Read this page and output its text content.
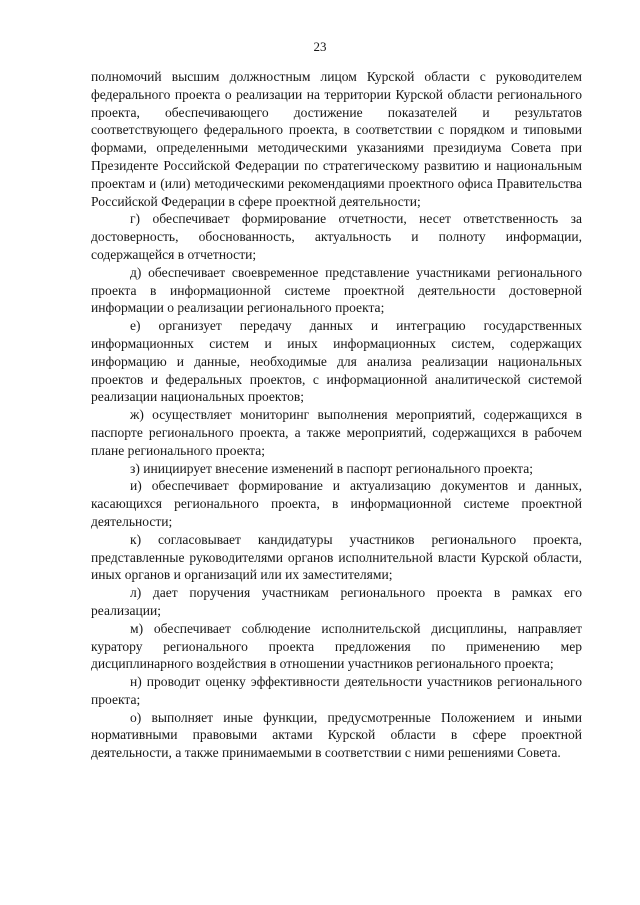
23

полномочий высшим должностным лицом Курской области с руководителем федерального проекта о реализации на территории Курской области регионального проекта, обеспечивающего достижение показателей и результатов соответствующего федерального проекта, в соответствии с порядком и типовыми формами, определенными методическими указаниями президиума Совета при Президенте Российской Федерации по стратегическому развитию и национальным проектам и (или) методическими рекомендациями проектного офиса Правительства Российской Федерации в сфере проектной деятельности;

г) обеспечивает формирование отчетности, несет ответственность за достоверность, обоснованность, актуальность и полноту информации, содержащейся в отчетности;

д) обеспечивает своевременное представление участниками регионального проекта в информационной системе проектной деятельности достоверной информации о реализации регионального проекта;

е) организует передачу данных и интеграцию государственных информационных систем и иных информационных систем, содержащих информацию и данные, необходимые для анализа реализации национальных проектов и федеральных проектов, с информационной аналитической системой реализации национальных проектов;

ж) осуществляет мониторинг выполнения мероприятий, содержащихся в паспорте регионального проекта, а также мероприятий, содержащихся в рабочем плане регионального проекта;

з) инициирует внесение изменений в паспорт регионального проекта;

и) обеспечивает формирование и актуализацию документов и данных, касающихся регионального проекта, в информационной системе проектной деятельности;

к) согласовывает кандидатуры участников регионального проекта, представленные руководителями органов исполнительной власти Курской области, иных органов и организаций или их заместителями;

л) дает поручения участникам регионального проекта в рамках его реализации;

м) обеспечивает соблюдение исполнительской дисциплины, направляет куратору регионального проекта предложения по применению мер дисциплинарного воздействия в отношении участников регионального проекта;

н) проводит оценку эффективности деятельности участников регионального проекта;

о) выполняет иные функции, предусмотренные Положением и иными нормативными правовыми актами Курской области в сфере проектной деятельности, а также принимаемыми в соответствии с ними решениями Совета.
